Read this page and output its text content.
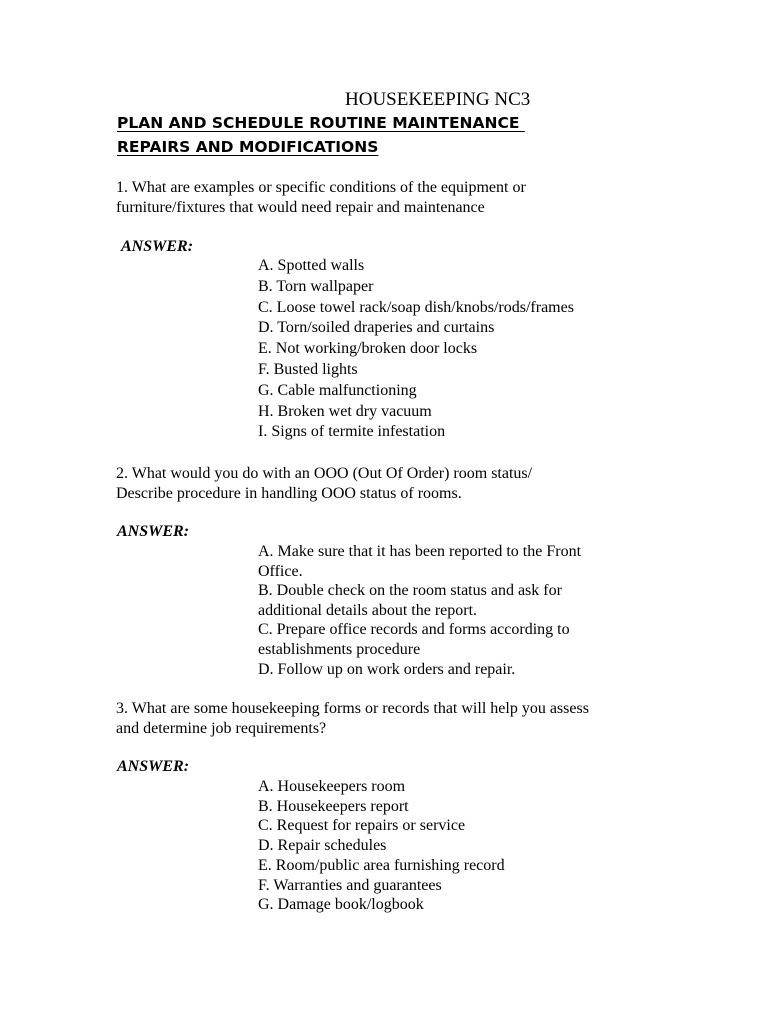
HOUSEKEEPING NC3
PLAN AND SCHEDULE ROUTINE MAINTENANCE
REPAIRS AND MODIFICATIONS
1. What are examples or specific conditions of the equipment or
furniture/fixtures that would need repair and maintenance
ANSWER:
A. Spotted walls
B. Torn wallpaper
C. Loose towel rack/soap dish/knobs/rods/frames
D. Torn/soiled draperies and curtains
E. Not working/broken door locks
F. Busted lights
G. Cable malfunctioning
H. Broken wet dry vacuum
I. Signs of termite infestation
2. What would you do with an OOO (Out Of Order) room status/
Describe procedure in handling OOO status of rooms.
ANSWER:
A. Make sure that it has been reported to the Front
Office.
B. Double check on the room status and ask for
additional details about the report.
C. Prepare office records and forms according to
establishments procedure
D. Follow up on work orders and repair.
3. What are some housekeeping forms or records that will help you assess
and determine job requirements?
ANSWER:
A. Housekeepers room
B. Housekeepers report
C. Request for repairs or service
D. Repair schedules
E. Room/public area furnishing record
F. Warranties and guarantees
G. Damage book/logbook
